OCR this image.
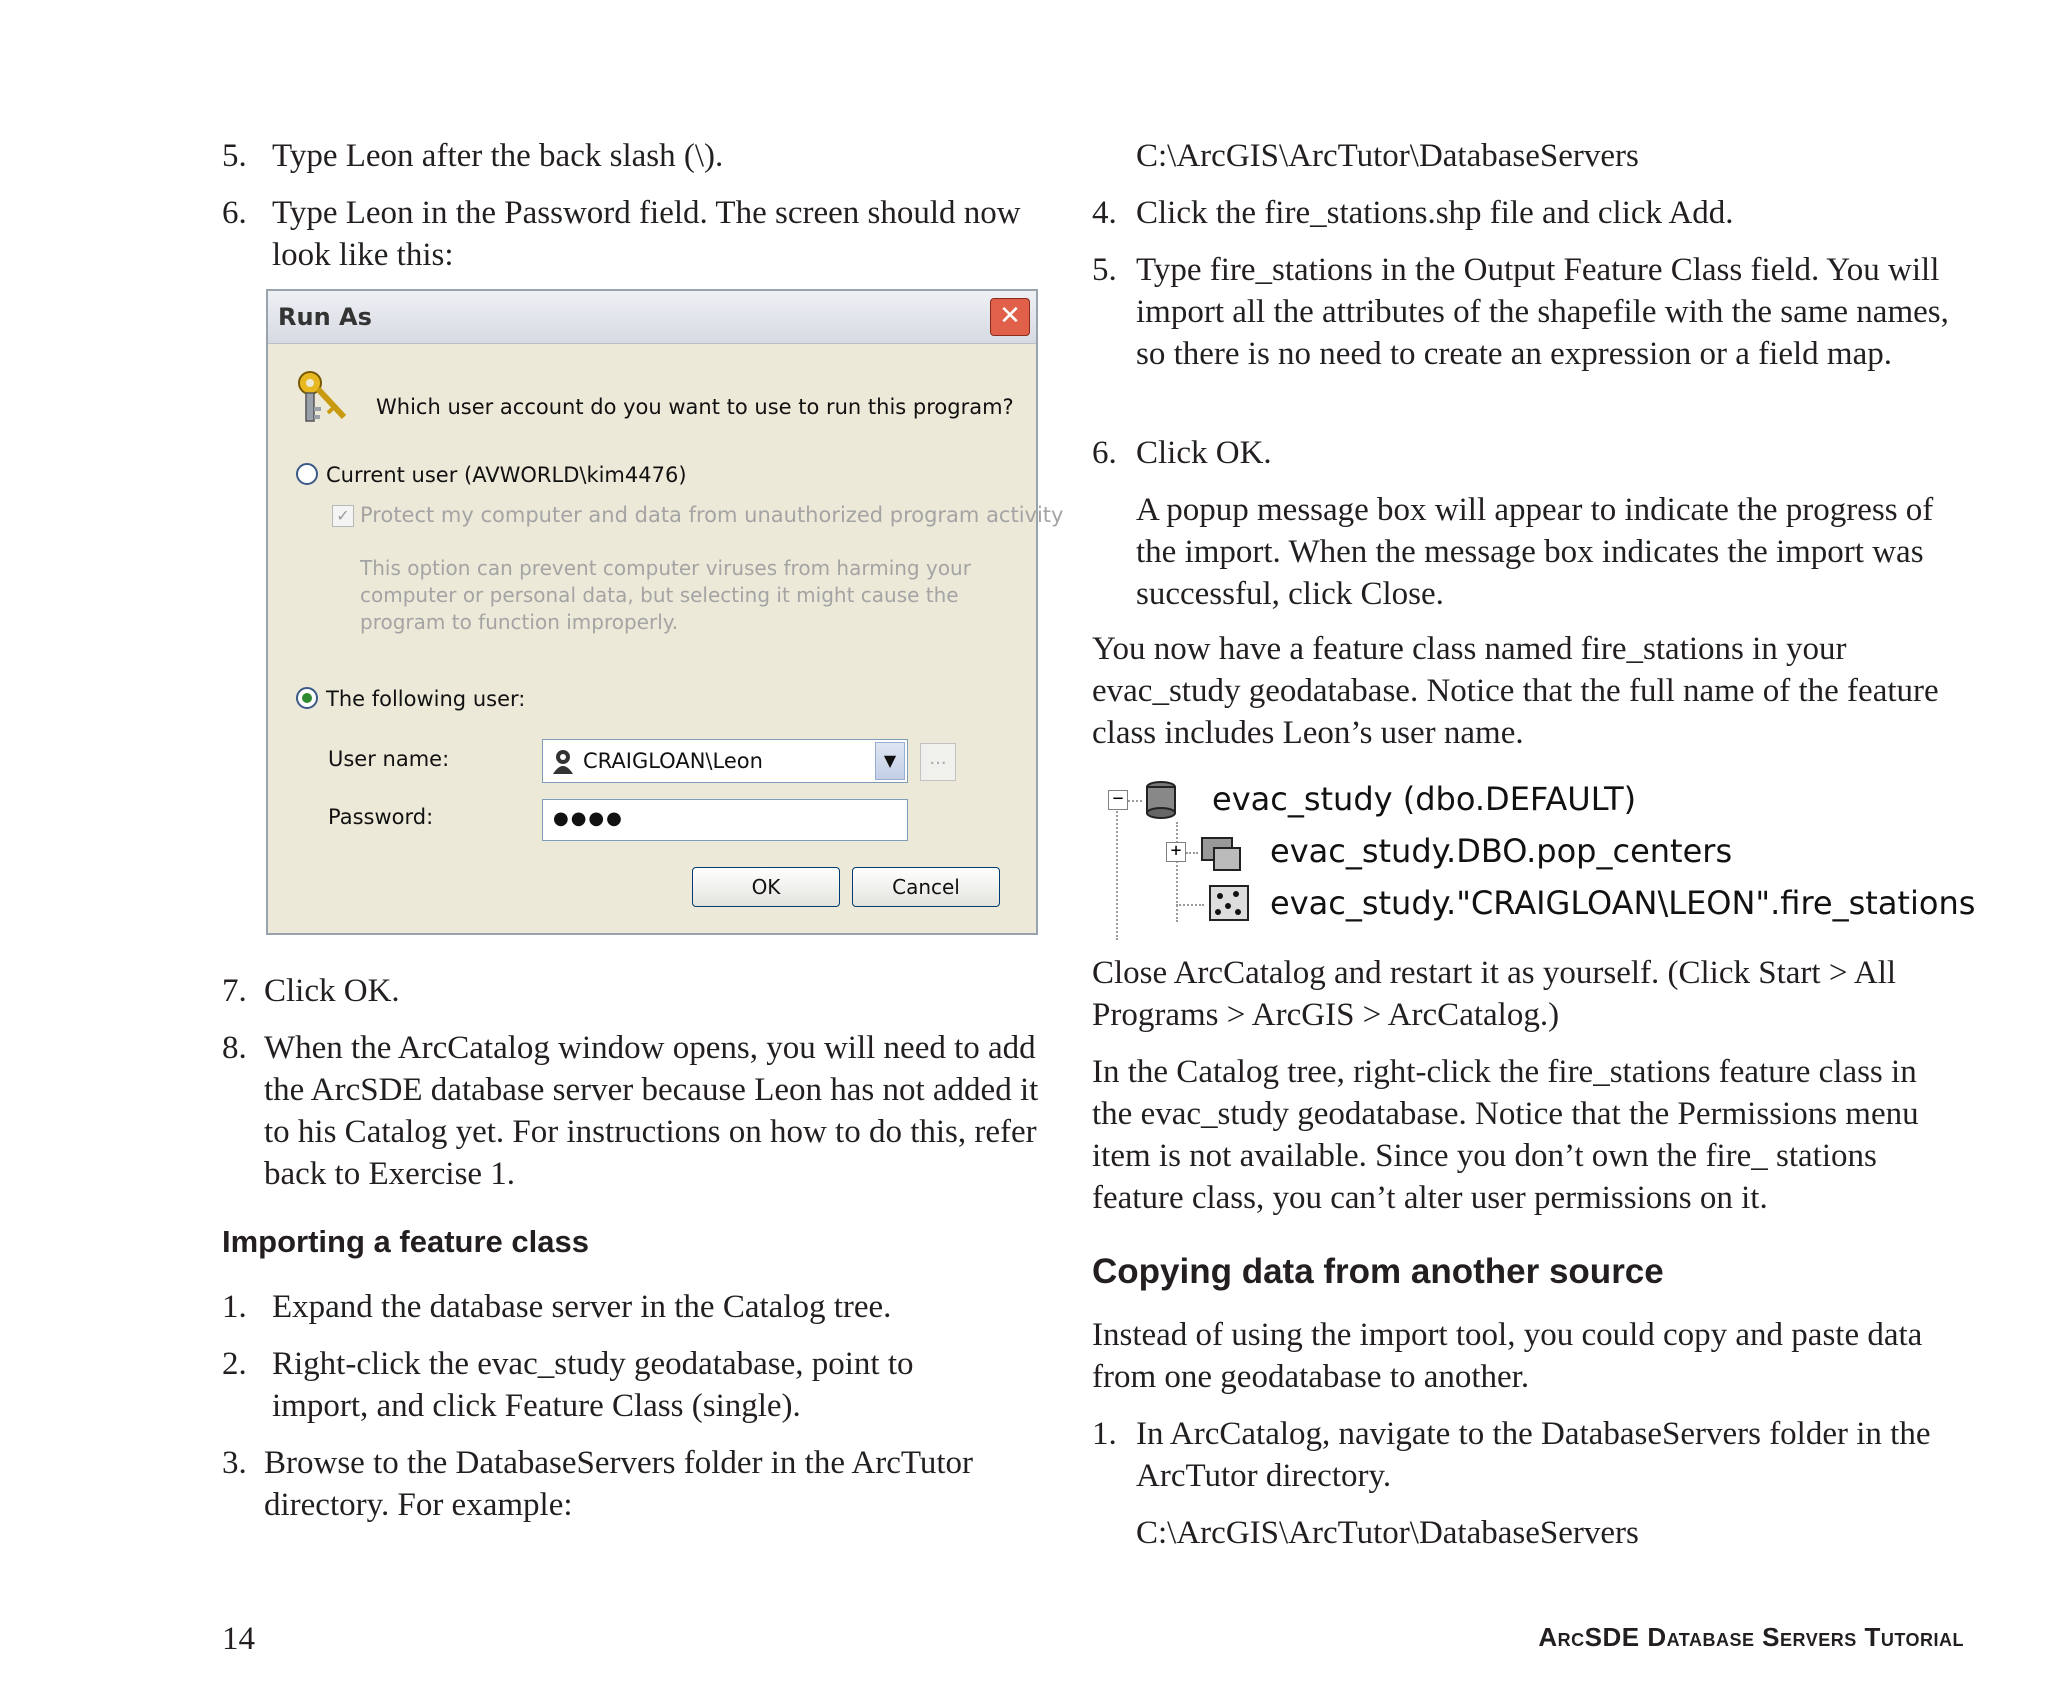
5. Type Leon after the back slash (\).
6. Type Leon in the Password field. The screen should now look like this:
Run As	✕
Which user account do you want to use to run this program?
Current user (AVWORLD\kim4476)
✓ Protect my computer and data from unauthorized program activity
This option can prevent computer viruses from harming your computer or personal data, but selecting it might cause the program to function improperly.
The following user:
User name:	CRAIGLOAN\Leon	▼	...
Password:	●●●●
OK	Cancel
7. Click OK.
8. When the ArcCatalog window opens, you will need to add the ArcSDE database server because Leon has not added it to his Catalog yet. For instructions on how to do this, refer back to Exercise 1.
Importing a feature class
1. Expand the database server in the Catalog tree.
2. Right-click the evac_study geodatabase, point to import, and click Feature Class (single).
3. Browse to the DatabaseServers folder in the ArcTutor directory. For example:

C:\ArcGIS\ArcTutor\DatabaseServers

4. Click the fire_stations.shp file and click Add.
5. Type fire_stations in the Output Feature Class field. You will import all the attributes of the shapefile with the same names, so there is no need to create an expression or a field map.
6. Click OK.

A popup message box will appear to indicate the progress of the import. When the message box indicates the import was successful, click Close.

You now have a feature class named fire_stations in your evac_study geodatabase. Notice that the full name of the feature class includes Leon’s user name.

−	evac_study (dbo.DEFAULT)
+	evac_study.DBO.pop_centers
evac_study."CRAIGLOAN\LEON".fire_stations

Close ArcCatalog and restart it as yourself. (Click Start > All Programs > ArcGIS > ArcCatalog.)

In the Catalog tree, right-click the fire_stations feature class in the evac_study geodatabase. Notice that the Permissions menu item is not available. Since you don’t own the fire_ stations feature class, you can’t alter user permissions on it.

Copying data from another source

Instead of using the import tool, you could copy and paste data from one geodatabase to another.

1. In ArcCatalog, navigate to the DatabaseServers folder in the ArcTutor directory.

C:\ArcGIS\ArcTutor\DatabaseServers

14	ArcSDE Database Servers Tutorial
